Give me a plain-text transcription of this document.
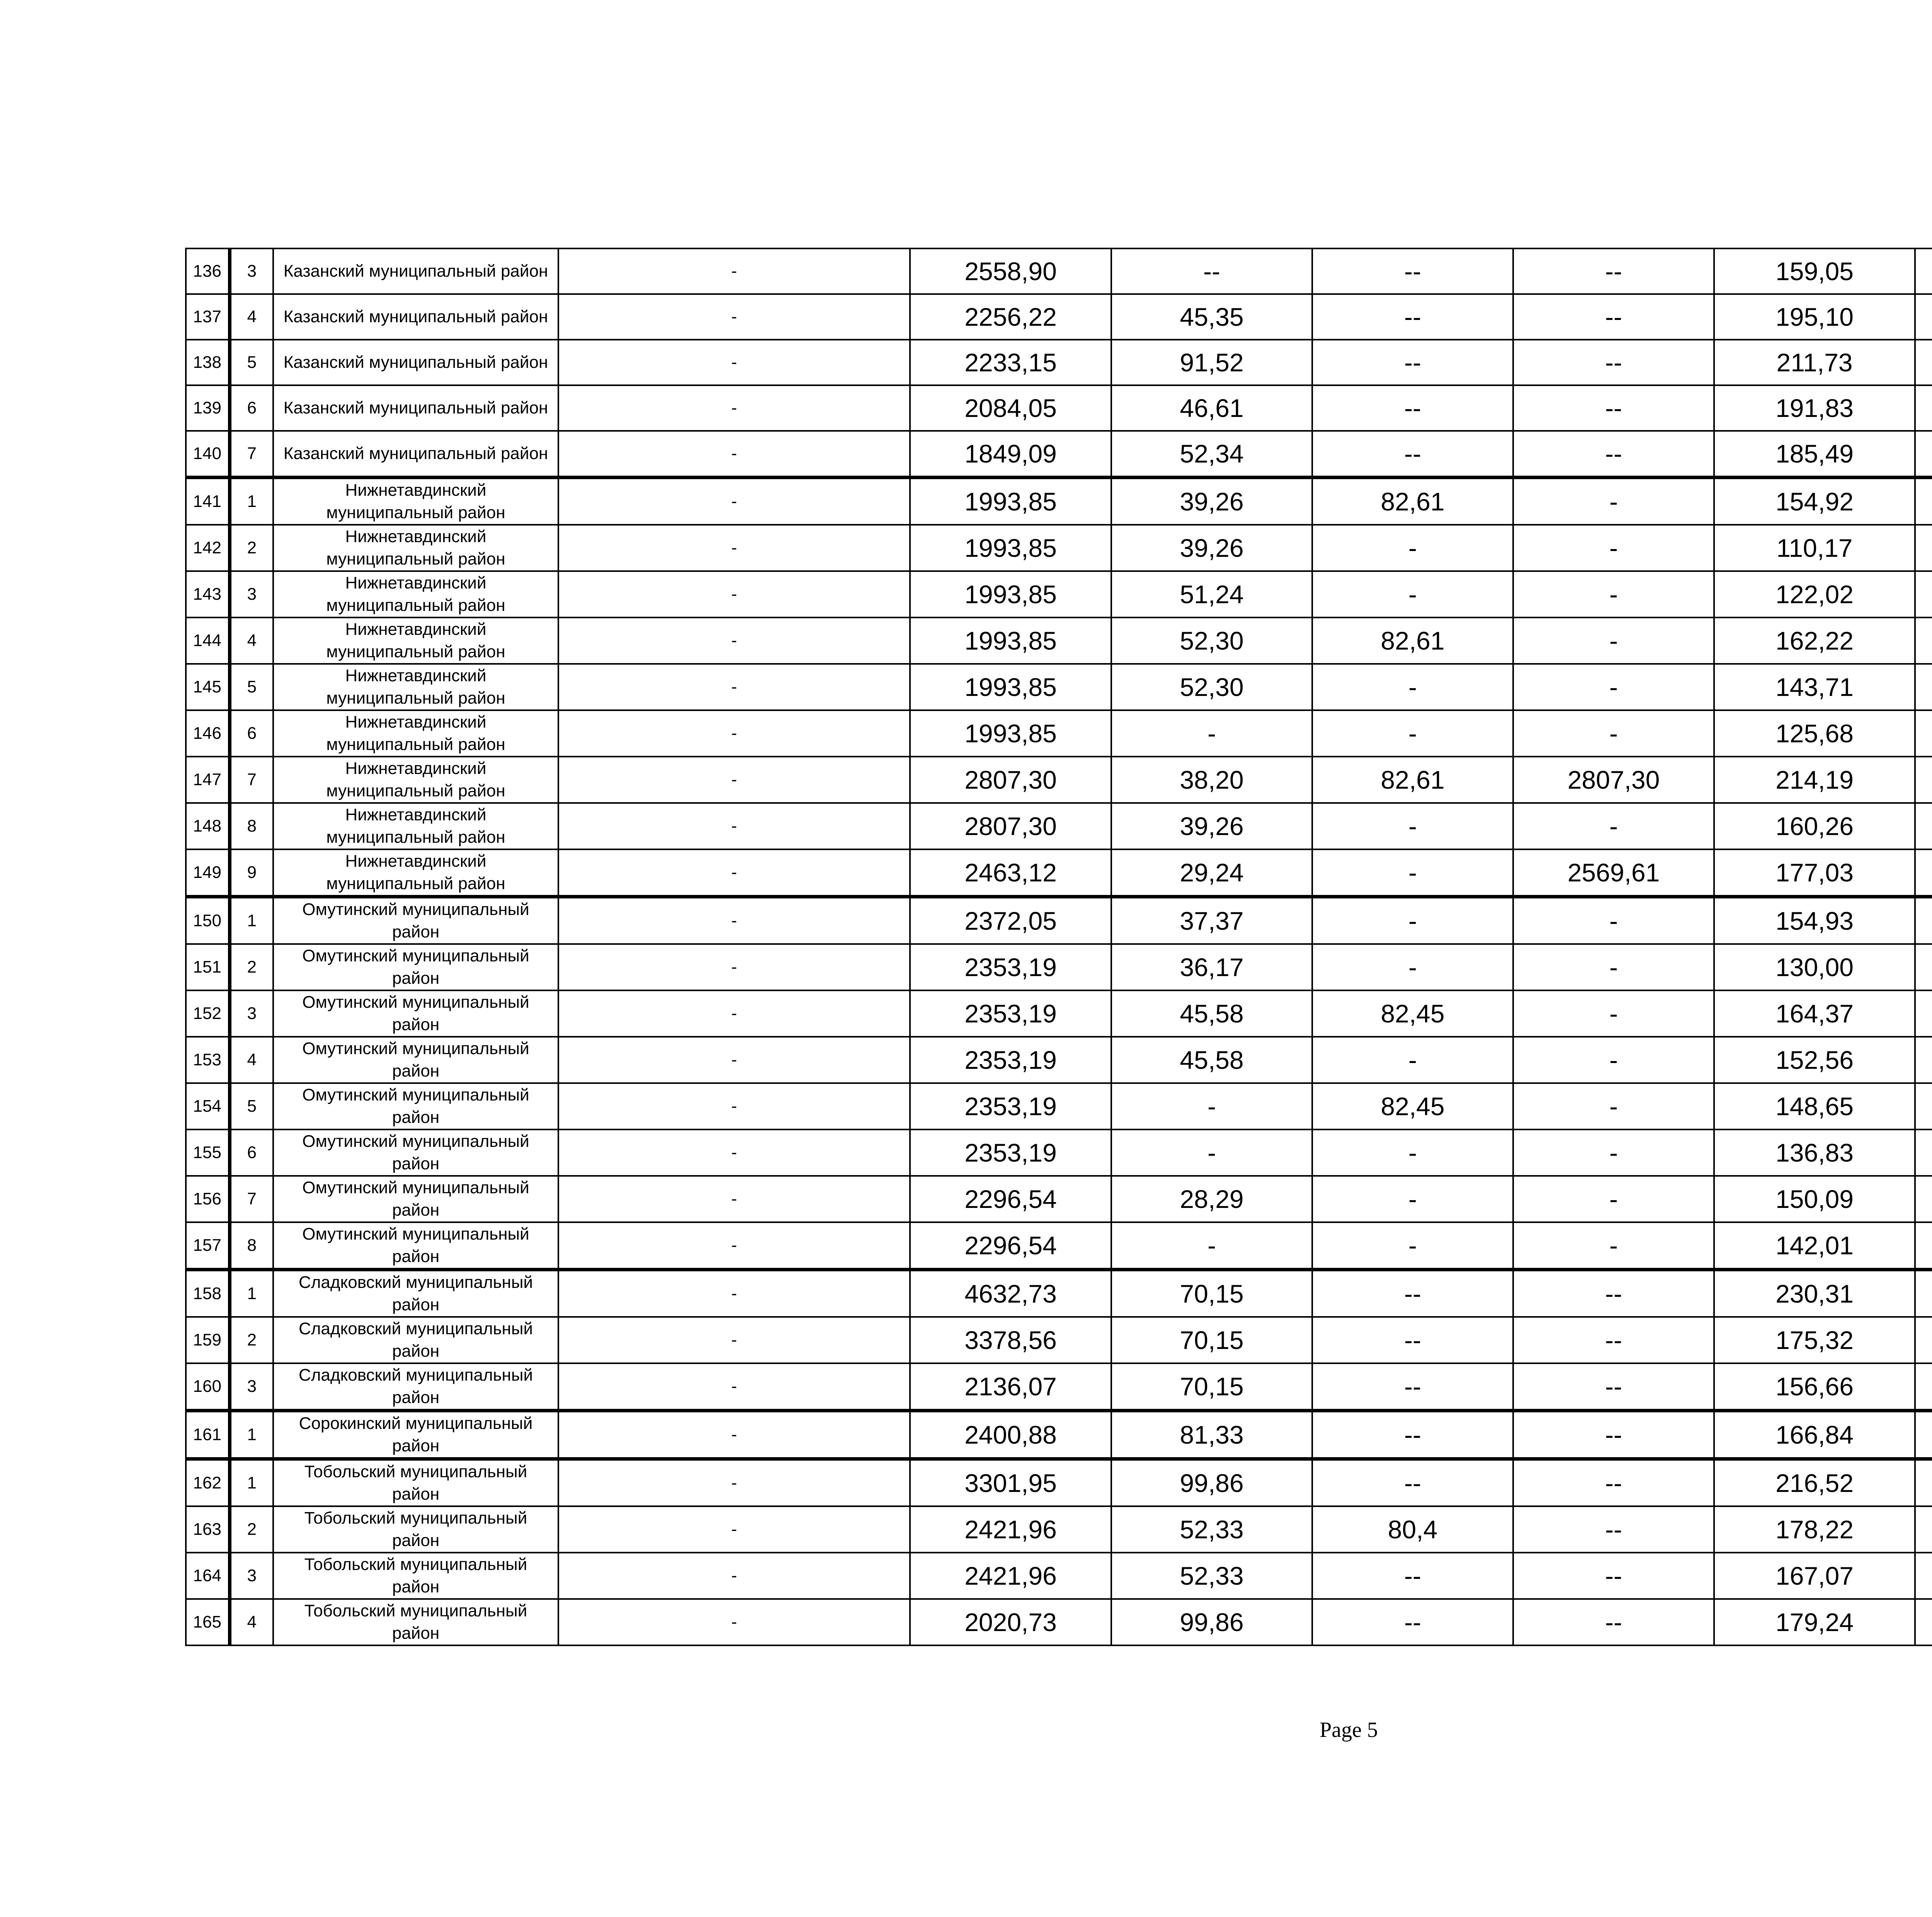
136	3	Казанский муниципальный район	-	2558,90	--	--	--	159,05			
137	4	Казанский муниципальный район	-	2256,22	45,35	--	--	195,10			
138	5	Казанский муниципальный район	-	2233,15	91,52	--	--	211,73			
139	6	Казанский муниципальный район	-	2084,05	46,61	--	--	191,83			
140	7	Казанский муниципальный район	-	1849,09	52,34	--	--	185,49			
141	1	Нижнетавдинский муниципальный район	-	1993,85	39,26	82,61	-	154,92			
142	2	Нижнетавдинский муниципальный район	-	1993,85	39,26	-	-	110,17			
143	3	Нижнетавдинский муниципальный район	-	1993,85	51,24	-	-	122,02			
144	4	Нижнетавдинский муниципальный район	-	1993,85	52,30	82,61	-	162,22			
145	5	Нижнетавдинский муниципальный район	-	1993,85	52,30	-	-	143,71			
146	6	Нижнетавдинский муниципальный район	-	1993,85	-	-	-	125,68			
147	7	Нижнетавдинский муниципальный район	-	2807,30	38,20	82,61	2807,30	214,19			
148	8	Нижнетавдинский муниципальный район	-	2807,30	39,26	-	-	160,26			
149	9	Нижнетавдинский муниципальный район	-	2463,12	29,24	-	2569,61	177,03			
150	1	Омутинский муниципальный район	-	2372,05	37,37	-	-	154,93			
151	2	Омутинский муниципальный район	-	2353,19	36,17	-	-	130,00			
152	3	Омутинский муниципальный район	-	2353,19	45,58	82,45	-	164,37			
153	4	Омутинский муниципальный район	-	2353,19	45,58	-	-	152,56			
154	5	Омутинский муниципальный район	-	2353,19	-	82,45	-	148,65			
155	6	Омутинский муниципальный район	-	2353,19	-	-	-	136,83			
156	7	Омутинский муниципальный район	-	2296,54	28,29	-	-	150,09			
157	8	Омутинский муниципальный район	-	2296,54	-	-	-	142,01			
158	1	Сладковский муниципальный район	-	4632,73	70,15	--	--	230,31			
159	2	Сладковский муниципальный район	-	3378,56	70,15	--	--	175,32			
160	3	Сладковский муниципальный район	-	2136,07	70,15	--	--	156,66			
161	1	Сорокинский муниципальный район	-	2400,88	81,33	--	--	166,84			
162	1	Тобольский муниципальный район	-	3301,95	99,86	--	--	216,52			
163	2	Тобольский муниципальный район	-	2421,96	52,33	80,4	--	178,22			
164	3	Тобольский муниципальный район	-	2421,96	52,33	--	--	167,07			
165	4	Тобольский муниципальный район	-	2020,73	99,86	--	--	179,24			
Page 5
